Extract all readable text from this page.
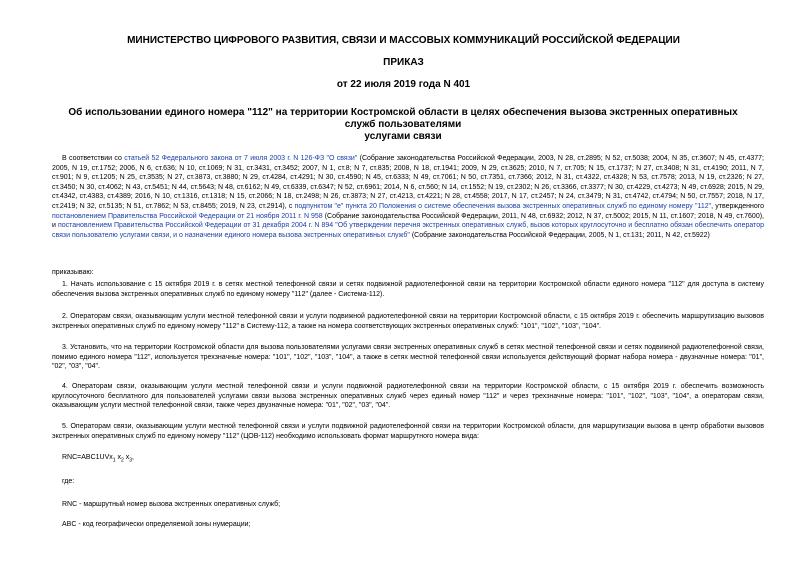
МИНИСТЕРСТВО ЦИФРОВОГО РАЗВИТИЯ, СВЯЗИ И МАССОВЫХ КОММУНИКАЦИЙ РОССИЙСКОЙ ФЕДЕРАЦИИ
ПРИКАЗ
от 22 июля 2019 года N 401
Об использовании единого номера "112" на территории Костромской области в целях обеспечения вызова экстренных оперативных служб пользователями
услугами связи
В соответствии со статьей 52 Федерального закона от 7 июля 2003 г. N 126-ФЗ "О связи" (Собрание законодательства Российской Федерации, 2003, N 28, ст.2895; N 52, ст.5038; 2004, N 35, ст.3607; N 45, ст.4377; 2005, N 19, ст.1752; 2006, N 6, ст.636; N 10, ст.1069; N 31, ст.3431, ст.3452; 2007, N 1, ст.8; N 7, ст.835; 2008, N 18, ст.1941; 2009, N 29, ст.3625; 2010, N 7, ст.705; N 15, ст.1737; N 27, ст.3408; N 31, ст.4190; 2011, N 7, ст.901; N 9, ст.1205; N 25, ст.3535; N 27, ст.3873, ст.3880; N 29, ст.4284, ст.4291; N 30, ст.4590; N 45, ст.6333; N 49, ст.7061; N 50, ст.7351, ст.7366; 2012, N 31, ст.4322, ст.4328; N 53, ст.7578; 2013, N 19, ст.2326; N 27, ст.3450; N 30, ст.4062; N 43, ст.5451; N 44, ст.5643; N 48, ст.6162; N 49, ст.6339, ст.6347; N 52, ст.6961; 2014, N 6, ст.560; N 14, ст.1552; N 19, ст.2302; N 26, ст.3366, ст.3377; N 30, ст.4229, ст.4273; N 49, ст.6928; 2015, N 29, ст.4342, ст.4383, ст.4389; 2016, N 10, ст.1316, ст.1318; N 15, ст.2066; N 18, ст.2498; N 26, ст.3873; N 27, ст.4213, ст.4221; N 28, ст.4558; 2017, N 17, ст.2457; N 24, ст.3479; N 31, ст.4742, ст.4794; N 50, ст.7557; 2018, N 17, ст.2419; N 32, ст.5135; N 51, ст.7862; N 53, ст.8455; 2019, N 23, ст.2914), с подпунктом "е" пункта 20 Положения о системе обеспечения вызова экстренных оперативных служб по единому номеру "112", утвержденного постановлением Правительства Российской Федерации от 21 ноября 2011 г. N 958 (Собрание законодательства Российской Федерации, 2011, N 48, ст.6932; 2012, N 37, ст.5002; 2015, N 11, ст.1607; 2018, N 49, ст.7600), и постановлением Правительства Российской Федерации от 31 декабря 2004 г. N 894 "Об утверждении перечня экстренных оперативных служб, вызов которых круглосуточно и бесплатно обязан обеспечить оператор связи пользователю услугами связи, и о назначении единого номера вызова экстренных оперативных служб" (Собрание законодательства Российской Федерации, 2005, N 1, ст.131; 2011, N 42, ст.5922)
приказываю:
1. Начать использование с 15 октября 2019 г. в сетях местной телефонной связи и сетях подвижной радиотелефонной связи на территории Костромской области единого номера "112" для доступа в систему обеспечения вызова экстренных оперативных служб по единому номеру "112" (далее - Система-112).
2. Операторам связи, оказывающим услуги местной телефонной связи и услуги подвижной радиотелефонной связи на территории Костромской области, с 15 октября 2019 г. обеспечить маршрутизацию вызовов экстренных оперативных служб по единому номеру "112" в Систему-112, а также на номера соответствующих экстренных оперативных служб: "101", "102", "103", "104".
3. Установить, что на территории Костромской области для вызова пользователями услугами связи экстренных оперативных служб в сетях местной телефонной связи и сетях подвижной радиотелефонной связи, помимо единого номера "112", используется трехзначные номера: "101", "102", "103", "104", а также в сетях местной телефонной связи используется действующий формат набора номера - двузначные номера: "01", "02", "03", "04".
4. Операторам связи, оказывающим услуги местной телефонной связи и услуги подвижной радиотелефонной связи на территории Костромской области, с 15 октября 2019 г. обеспечить возможность круглосуточного бесплатного для пользователей услугами связи вызова экстренных оперативных служб через единый номер "112" и через трехзначные номера: "101", "102", "103", "104", а операторам связи, оказывающим услуги местной телефонной связи, также через двузначные номера: "01", "02", "03", "04".
5. Операторам связи, оказывающим услуги местной телефонной связи и услуги подвижной радиотелефонной связи на территории Костромской области, для маршрутизации вызова в центр обработки вызовов экстренных оперативных служб по единому номеру "112" (ЦОВ-112) необходимо использовать формат маршрутного номера вида:
RNC=ABC1UVx$_1$ $x_2$ $x_3$,
где:
RNC - маршрутный номер вызова экстренных оперативных служб;
ABC - код географически определяемой зоны нумерации;
